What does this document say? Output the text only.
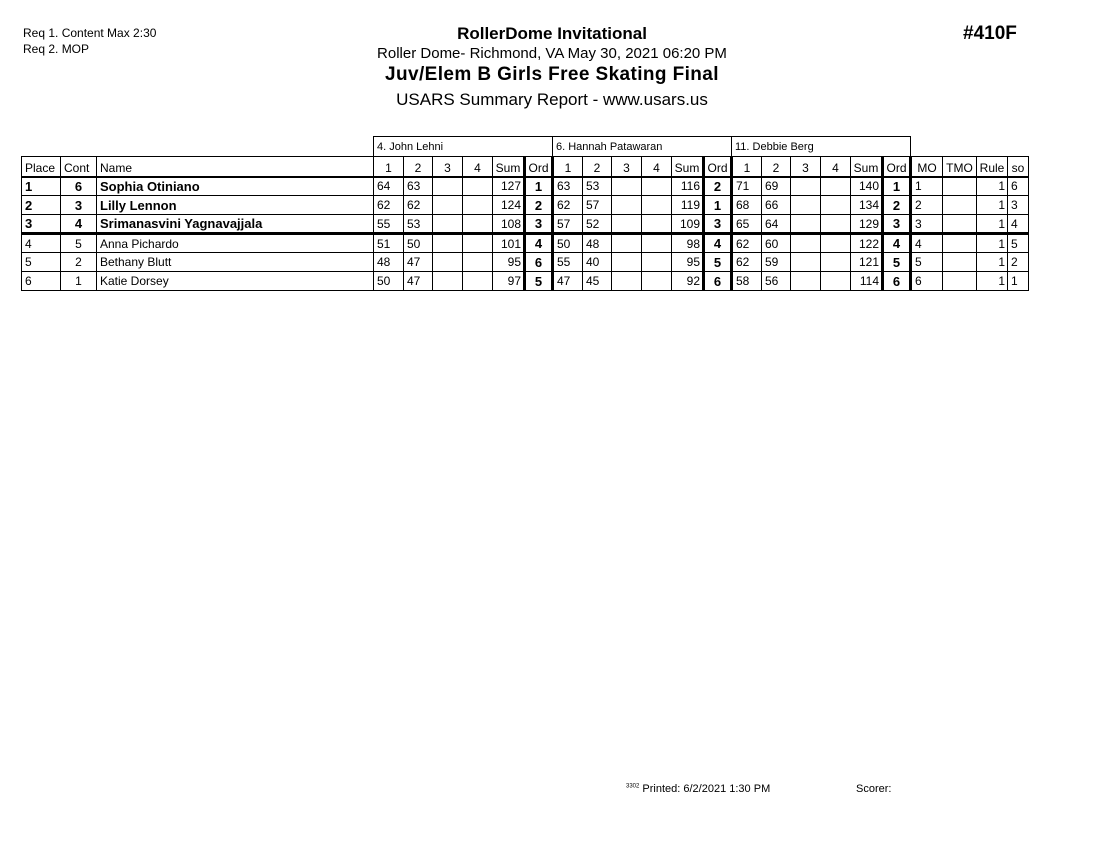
Req 1. Content Max 2:30
Req 2. MOP
#410F
RollerDome Invitational
Roller Dome- Richmond, VA May 30, 2021 06:20 PM
Juv/Elem B Girls Free Skating Final
USARS Summary Report - www.usars.us
			4. John Lehni						6. Hannah Patawaran						11. Debbie Berg									
Place	Cont	Name	1	2	3	4	Sum	Ord	1	2	3	4	Sum	Ord	1	2	3	4	Sum	Ord	MO	TMO	Rule	so
1	6	Sophia Otiniano	64	63			127	1	63	53			116	2	71	69			140	1	1		1	6
2	3	Lilly Lennon	62	62			124	2	62	57			119	1	68	66			134	2	2		1	3
3	4	Srimanasvini Yagnavajjala	55	53			108	3	57	52			109	3	65	64			129	3	3		1	4
4	5	Anna Pichardo	51	50			101	4	50	48			98	4	62	60			122	4	4		1	5
5	2	Bethany Blutt	48	47			95	6	55	40			95	5	62	59			121	5	5		1	2
6	1	Katie Dorsey	50	47			97	5	47	45			92	6	58	56			114	6	6		1	1
$^{3302}$ Printed: 6/2/2021 1:30 PM	Scorer:
